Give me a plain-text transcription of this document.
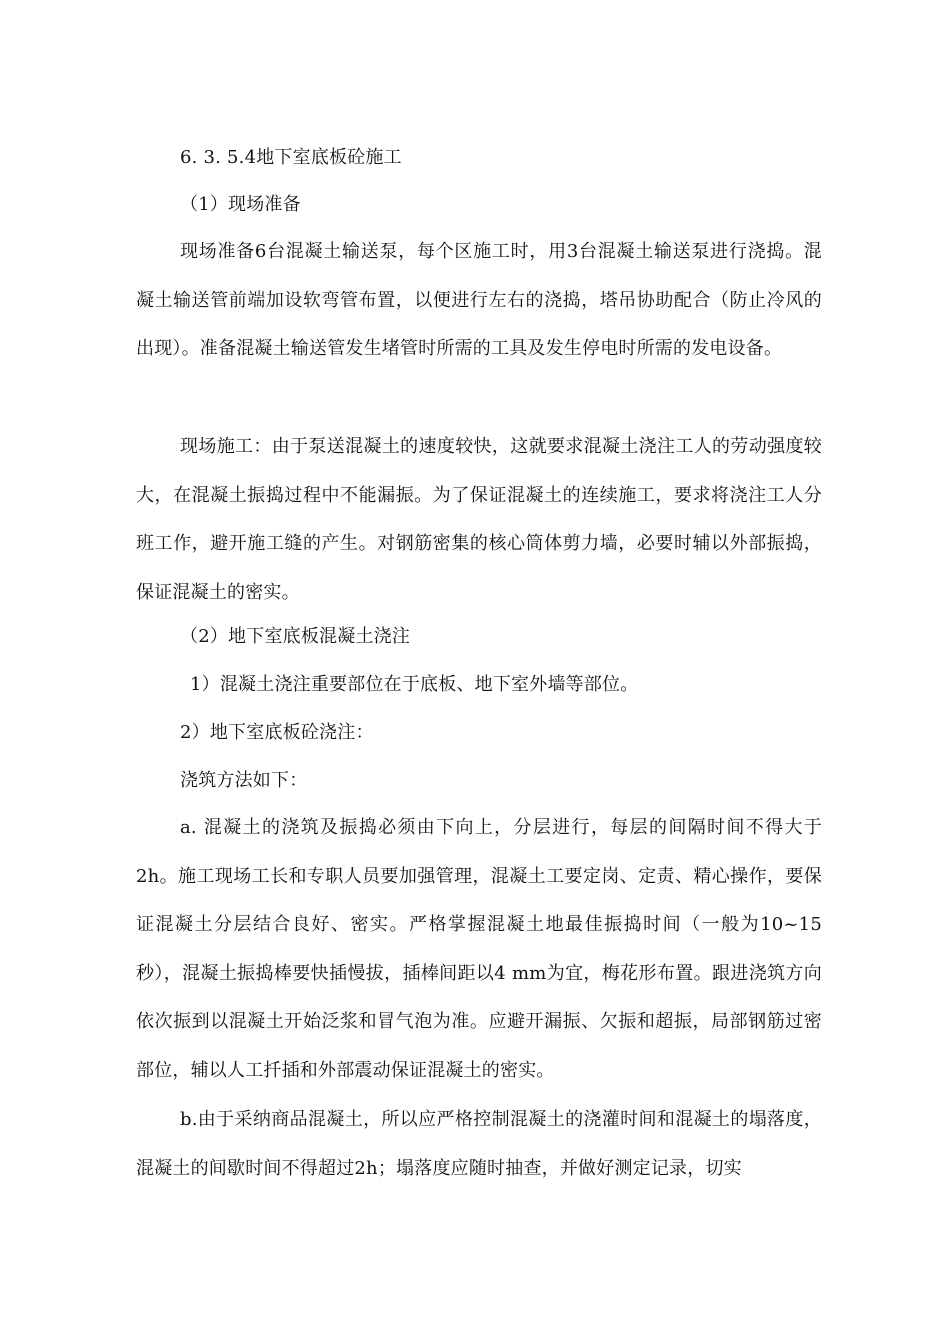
6. 3. 5.4地下室底板砼施工
（1）现场准备

现场准备6台混凝土输送泵，每个区施工时，用3台混凝土输送泵进行浇捣。混凝土输送管前端加设软弯管布置，以便进行左右的浇捣，塔吊协助配合（防止冷风的出现）。准备混凝土输送管发生堵管时所需的工具及发生停电时所需的发电设备。

现场施工：由于泵送混凝土的速度较快，这就要求混凝土浇注工人的劳动强度较大，在混凝土振捣过程中不能漏振。为了保证混凝土的连续施工，要求将浇注工人分班工作，避开施工缝的产生。对钢筋密集的核心筒体剪力墙，必要时辅以外部振捣，保证混凝土的密实。

（2）地下室底板混凝土浇注
1）混凝土浇注重要部位在于底板、地下室外墙等部位。
2）地下室底板砼浇注：
浇筑方法如下：

a. 混凝土的浇筑及振捣必须由下向上，分层进行，每层的间隔时间不得大于2h。施工现场工长和专职人员要加强管理，混凝土工要定岗、定责、精心操作，要保证混凝土分层结合良好、密实。严格掌握混凝土地最佳振捣时间（一般为10~15秒），混凝土振捣棒要快插慢拔，插棒间距以4 mm为宜，梅花形布置。跟进浇筑方向依次振到以混凝土开始泛浆和冒气泡为准。应避开漏振、欠振和超振，局部钢筋过密部位，辅以人工扦插和外部震动保证混凝土的密实。

b.由于采纳商品混凝土，所以应严格控制混凝土的浇灌时间和混凝土的塌落度，混凝土的间歇时间不得超过2h；塌落度应随时抽查，并做好测定记录，切实
